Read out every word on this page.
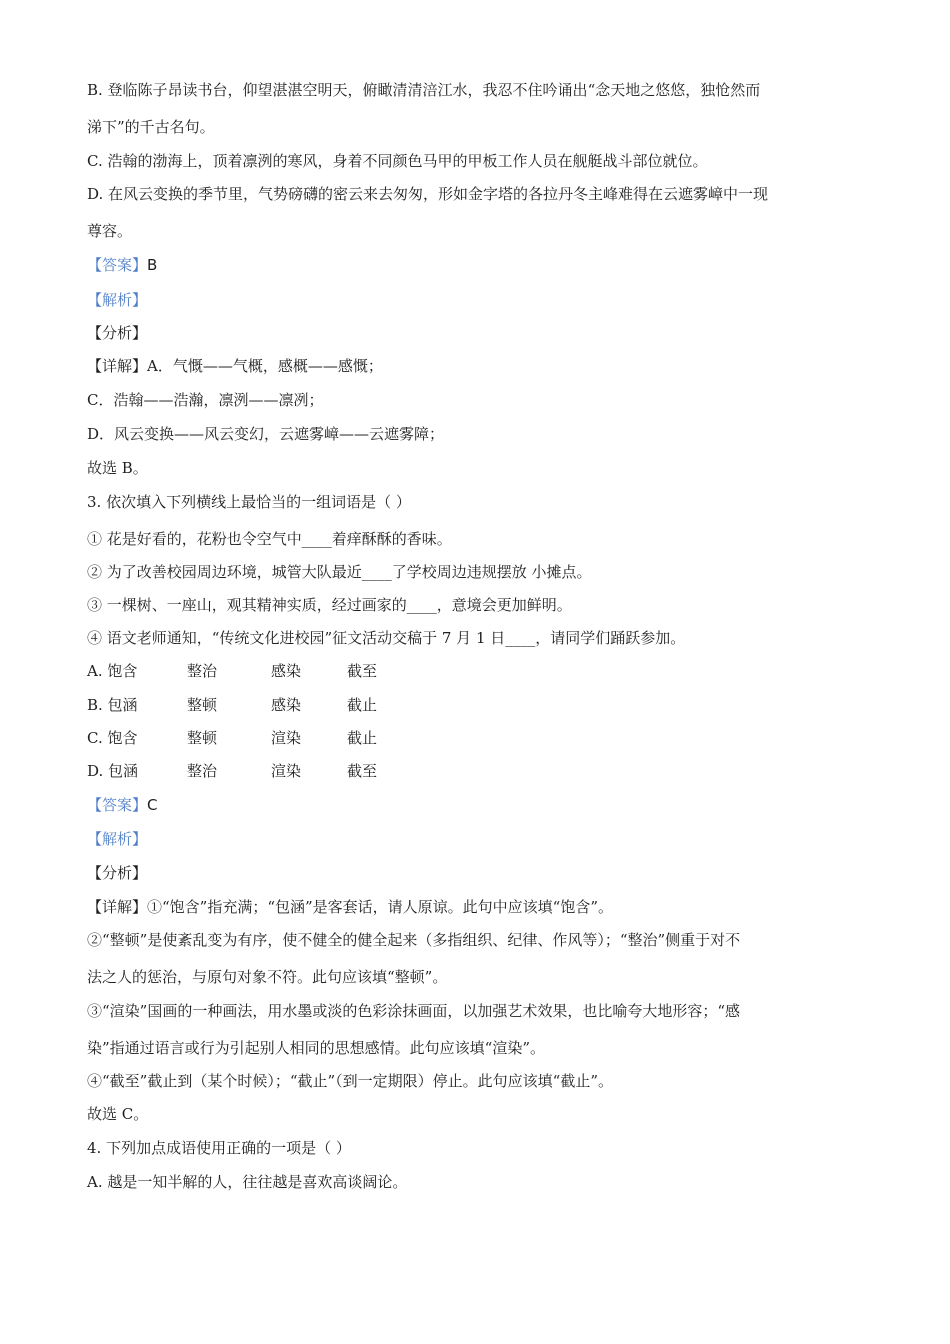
B. 登临陈子昂读书台，仰望湛湛空明天，俯瞰清清涪江水，我忍不住吟诵出“念天地之悠悠，独怆然而
涕下”的千古名句。
C. 浩翰的渤海上，顶着凛洌的寒风，身着不同颜色马甲的甲板工作人员在舰艇战斗部位就位。
D. 在风云变换的季节里，气势磅礴的密云来去匆匆，形如金字塔的各拉丹冬主峰难得在云遮雾嶂中一现
尊容。
【答案】B
【解析】
【分析】
【详解】A．气慨——气概，感概——感慨；
C．浩翰——浩瀚，凛洌——凛冽；
D．风云变换——风云变幻，云遮雾嶂——云遮雾障；
故选 B。
3. 依次填入下列横线上最恰当的一组词语是（ ）
① 花是好看的，花粉也令空气中____着痒酥酥的香味。
② 为了改善校园周边环境，城管大队最近____了学校周边违规摆放 小摊点。
③ 一棵树、一座山，观其精神实质，经过画家的____，意境会更加鲜明。
④ 语文老师通知，“传统文化进校园”征文活动交稿于 7 月 1 日____，请同学们踊跃参加。
A. 饱含	整治	感染	截至
B. 包涵	整顿	感染	截止
C. 饱含	整顿	渲染	截止
D. 包涵	整治	渲染	截至
【答案】C
【解析】
【分析】
【详解】①“饱含”指充满；“包涵”是客套话，请人原谅。此句中应该填“饱含”。
②“整顿”是使紊乱变为有序，使不健全的健全起来（多指组织、纪律、作风等）；“整治”侧重于对不
法之人的惩治，与原句对象不符。此句应该填“整顿”。
③“渲染”国画的一种画法，用水墨或淡的色彩涂抹画面，以加强艺术效果，也比喻夸大地形容；“感
染”指通过语言或行为引起别人相同的思想感情。此句应该填“渲染”。
④“截至”截止到（某个时候）；“截止”（到一定期限）停止。此句应该填“截止”。
故选 C。
4. 下列加点成语使用正确的一项是（ ）
A. 越是一知半解的人，往往越是喜欢高谈阔论。
